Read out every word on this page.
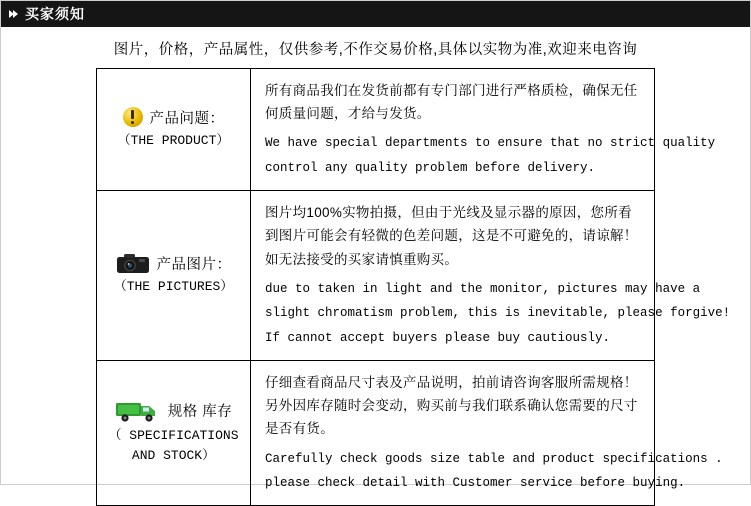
买家须知
图片，价格，产品属性，仅供参考,不作交易价格,具体以实物为准,欢迎来电咨询
产品问题：
（THE PRODUCT）

所有商品我们在发货前都有专门部门进行严格质检，确保无任何质量问题，才给与发货。
We have special departments to ensure that no strict quality
control any quality problem before delivery.

产品图片：
（THE PICTURES）

图片均100%实物拍摄，但由于光线及显示器的原因，您所看到图片可能会有轻微的色差问题，这是不可避免的，请谅解！如无法接受的买家请慎重购买。
due to taken in light and the monitor, pictures may have a
slight chromatism problem, this is inevitable, please forgive!
If cannot accept buyers please buy cautiously.

规格 库存
（ SPECIFICATIONS
AND STOCK）

仔细查看商品尺寸表及产品说明，拍前请咨询客服所需规格！另外因库存随时会变动，购买前与我们联系确认您需要的尺寸是否有货。
Carefully check goods size table and product specifications .
please check detail with Customer service before buying.
